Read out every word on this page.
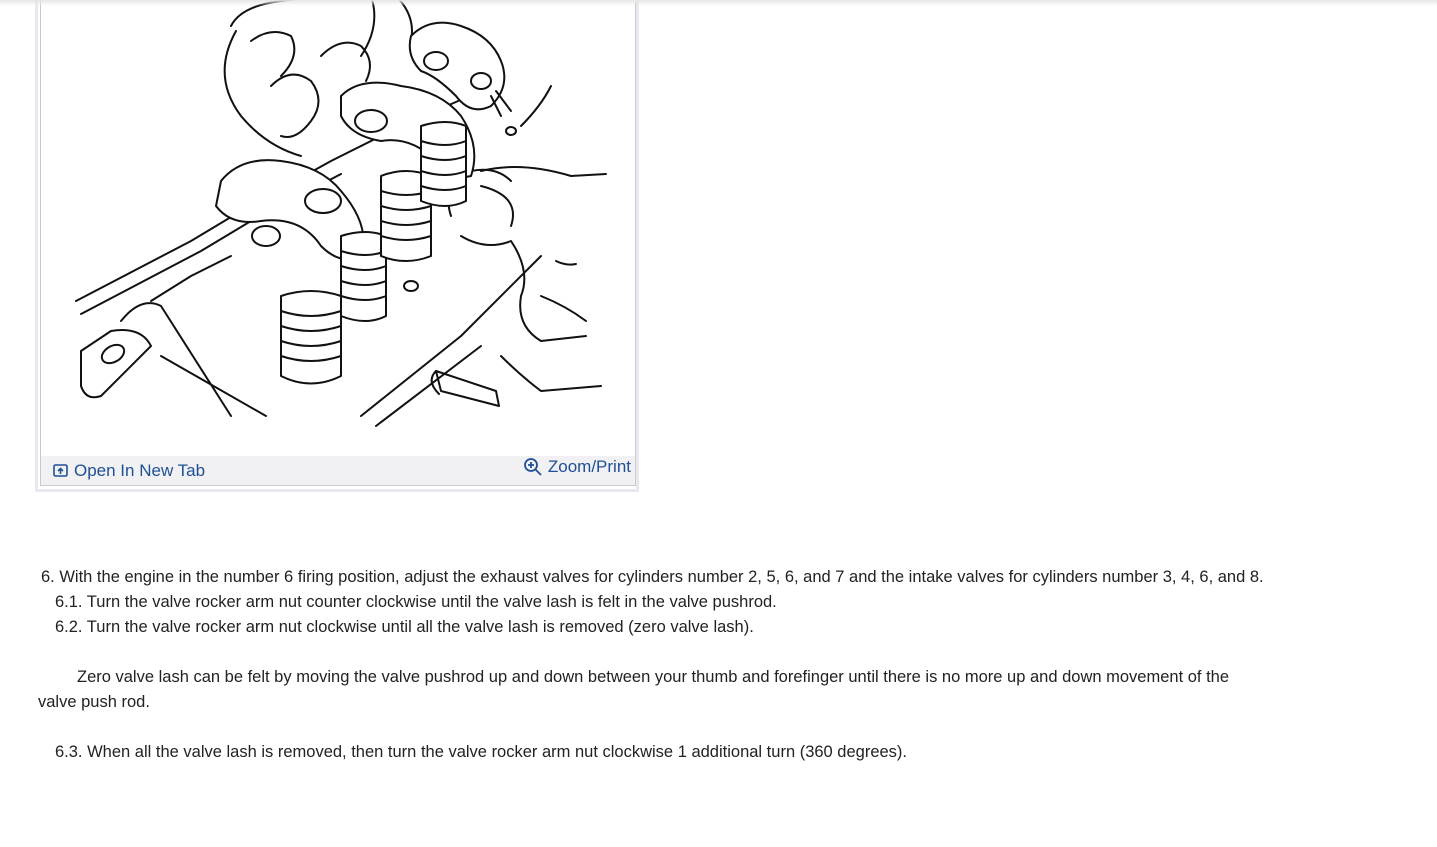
Open In New Tab	Zoom/Print

6. With the engine in the number 6 firing position, adjust the exhaust valves for cylinders number 2, 5, 6, and 7 and the intake valves for cylinders number 3, 4, 6, and 8.

6.1. Turn the valve rocker arm nut counter clockwise until the valve lash is felt in the valve pushrod.

6.2. Turn the valve rocker arm nut clockwise until all the valve lash is removed (zero valve lash).

Zero valve lash can be felt by moving the valve pushrod up and down between your thumb and forefinger until there is no more up and down movement of the valve push rod.

6.3. When all the valve lash is removed, then turn the valve rocker arm nut clockwise 1 additional turn (360 degrees).
